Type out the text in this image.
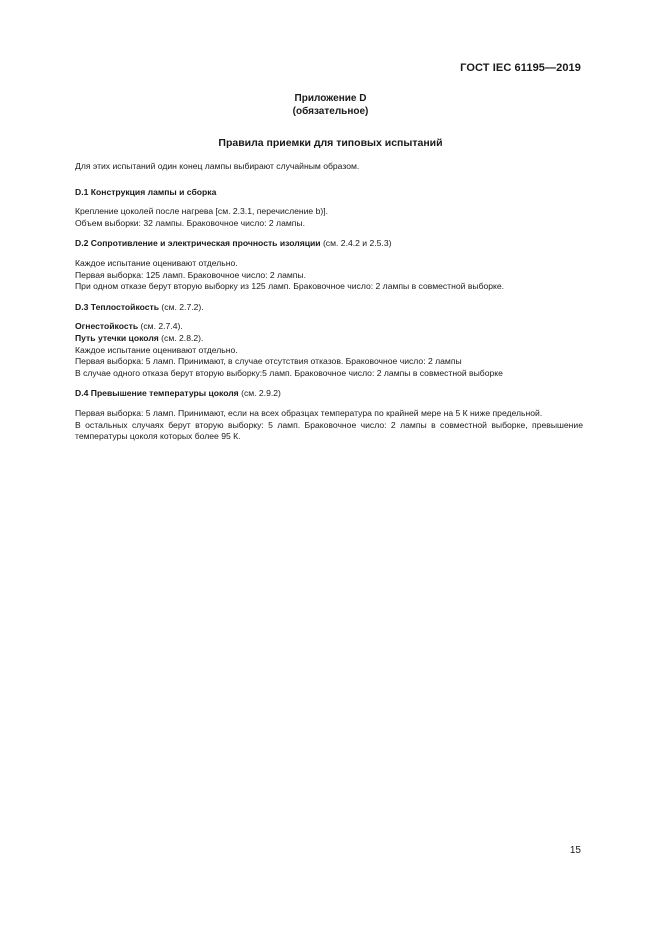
ГОСТ IEC 61195—2019
Приложение D
(обязательное)
Правила приемки для типовых испытаний

Для этих испытаний один конец лампы выбирают случайным образом.

D.1 Конструкция лампы и сборка

Крепление цоколей после нагрева [см. 2.3.1, перечисление b)].

Объем выборки: 32 лампы. Браковочное число: 2 лампы.

D.2 Сопротивление и электрическая прочность изоляции (см. 2.4.2 и 2.5.3)

Каждое испытание оценивают отдельно.

Первая выборка: 125 ламп. Браковочное число: 2 лампы.

При одном отказе берут вторую выборку из 125 ламп. Браковочное число: 2 лампы в совместной выборке.

D.3 Теплостойкость (см. 2.7.2).

Огнестойкость (см. 2.7.4).

Путь утечки цоколя (см. 2.8.2).

Каждое испытание оценивают отдельно.

Первая выборка: 5 ламп. Принимают, в случае отсутствия отказов. Браковочное число: 2 лампы

В случае одного отказа берут вторую выборку:5 ламп. Браковочное число: 2 лампы в совместной выборке

D.4 Превышение температуры цоколя (см. 2.9.2)

Первая выборка: 5 ламп. Принимают, если на всех образцах температура по крайней мере на 5 К ниже предельной.

В остальных случаях берут вторую выборку: 5 ламп. Браковочное число: 2 лампы в совместной выборке, превышение температуры цоколя которых более 95 К.

15
